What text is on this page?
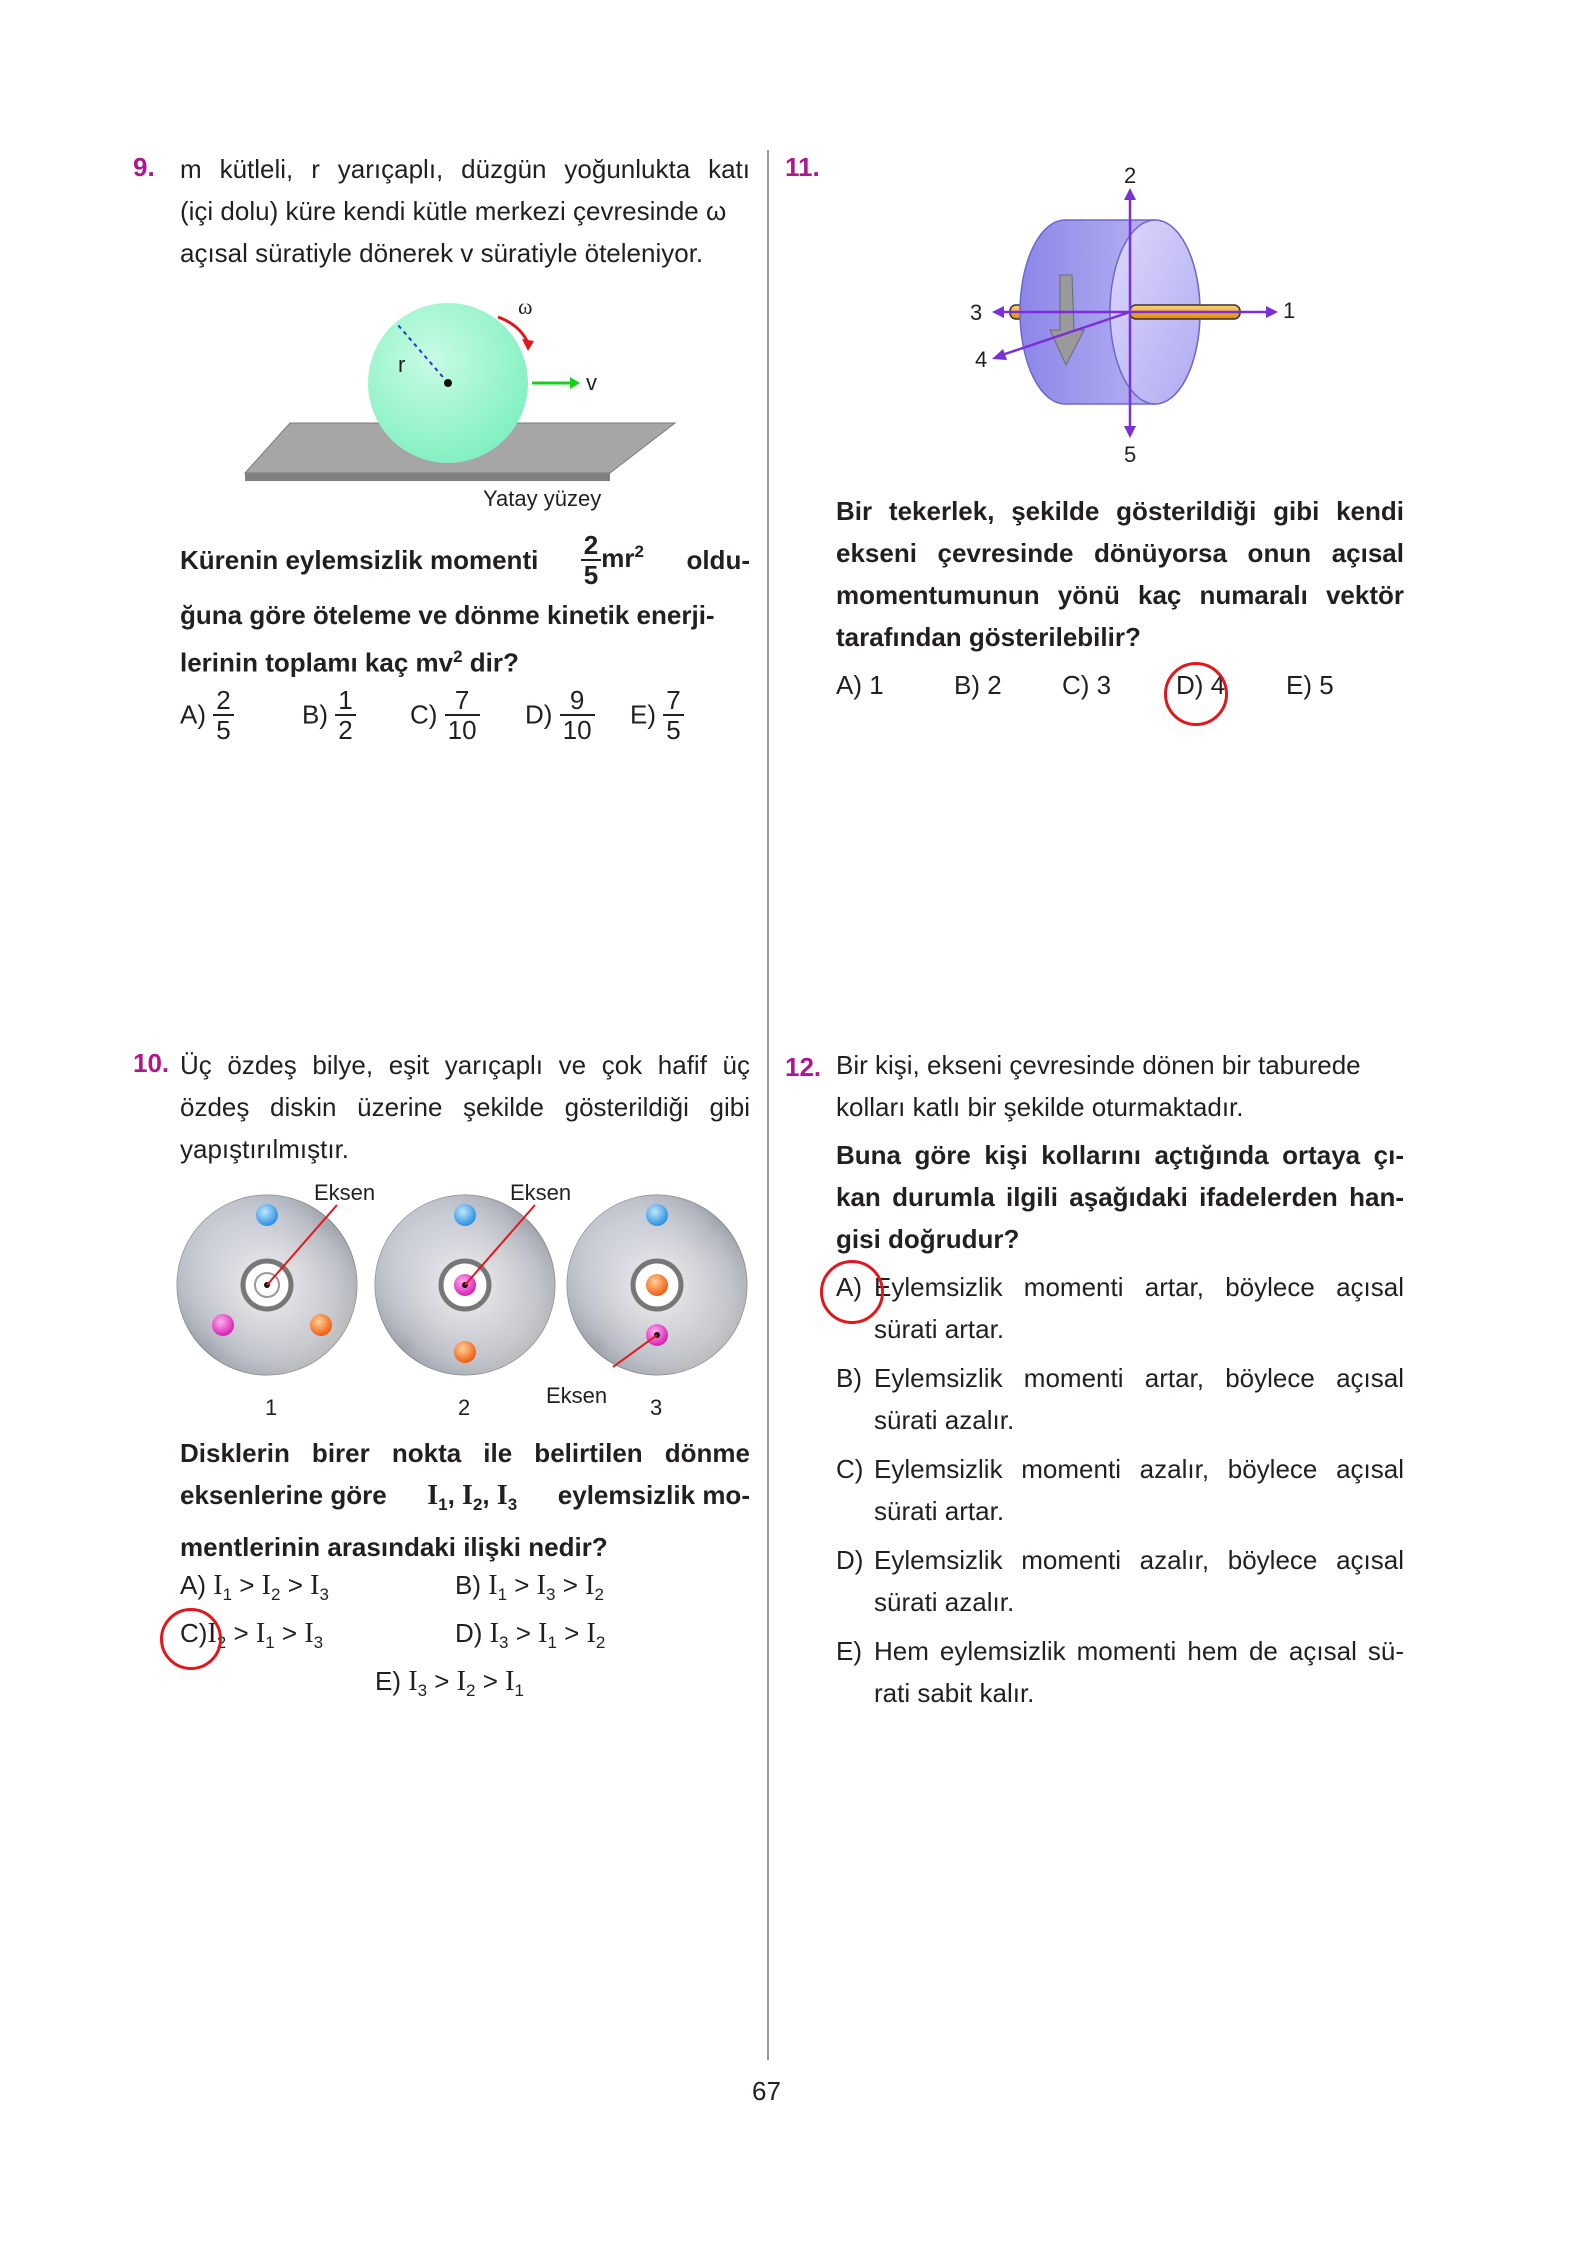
9. m kütleli, r yarıçaplı, düzgün yoğunlukta katı
(içi dolu) küre kendi kütle merkezi çevresinde ω
açısal süratiyle dönerek v süratiyle öteleniyor.
ω
r
v
Yatay yüzey
Kürenin eylemsizlik momenti $\frac{2}{5} mr^2$ oldu-
ğuna göre öteleme ve dönme kinetik enerji-
lerinin toplamı kaç $mv^2$ dir?
$A) \frac{2}{5}$	$B) \frac{1}{2} C) \frac{7}{10} D) \frac{9}{10} E) \frac{7}{5}$
10. Üç özdeş bilye, eşit yarıçaplı ve çok hafif üç
özdeş diskin üzerine şekilde gösterildiği gibi
yapıştırılmıştır.
Eksen	Eksen
Eksen
1	2	3
Disklerin birer nokta ile belirtilen dönme
eksenlerine göre $I_1$, $I_2$, $I_3$ eylemsizlik mo-
mentlerinin arasındaki ilişki nedir?
A) $I_1 > I_2 > I_3$	B) $I_1 > I_3 > I_2$
$C)I_2 > I_1 > I_3$	D) $I_3 > I_1 > I_2$
E) $I_3 > I_2 > I_1$
11.
1
2
3
4
5
Bir tekerlek, şekilde gösterildiği gibi kendi
ekseni çevresinde dönüyorsa onun açısal
momentumunun yönü kaç numaralı vektör
tarafından gösterilebilir?
A) 1	B) 2 C) 3 D) 4 E) 5
12. Bir kişi, ekseni çevresinde dönen bir taburede
kolları katlı bir şekilde oturmaktadır.
Buna göre kişi kollarını açtığında ortaya çı-
kan durumla ilgili aşağıdaki ifadelerden han-
gisi doğrudur?
A) Eylemsizlik momenti artar, böylece açısal
sürati artar.
B) Eylemsizlik momenti artar, böylece açısal
sürati azalır.
C) Eylemsizlik momenti azalır, böylece açısal
sürati artar.
D) Eylemsizlik momenti azalır, böylece açısal
sürati azalır.
E) Hem eylemsizlik momenti hem de açısal sü-
rati sabit kalır.
67
